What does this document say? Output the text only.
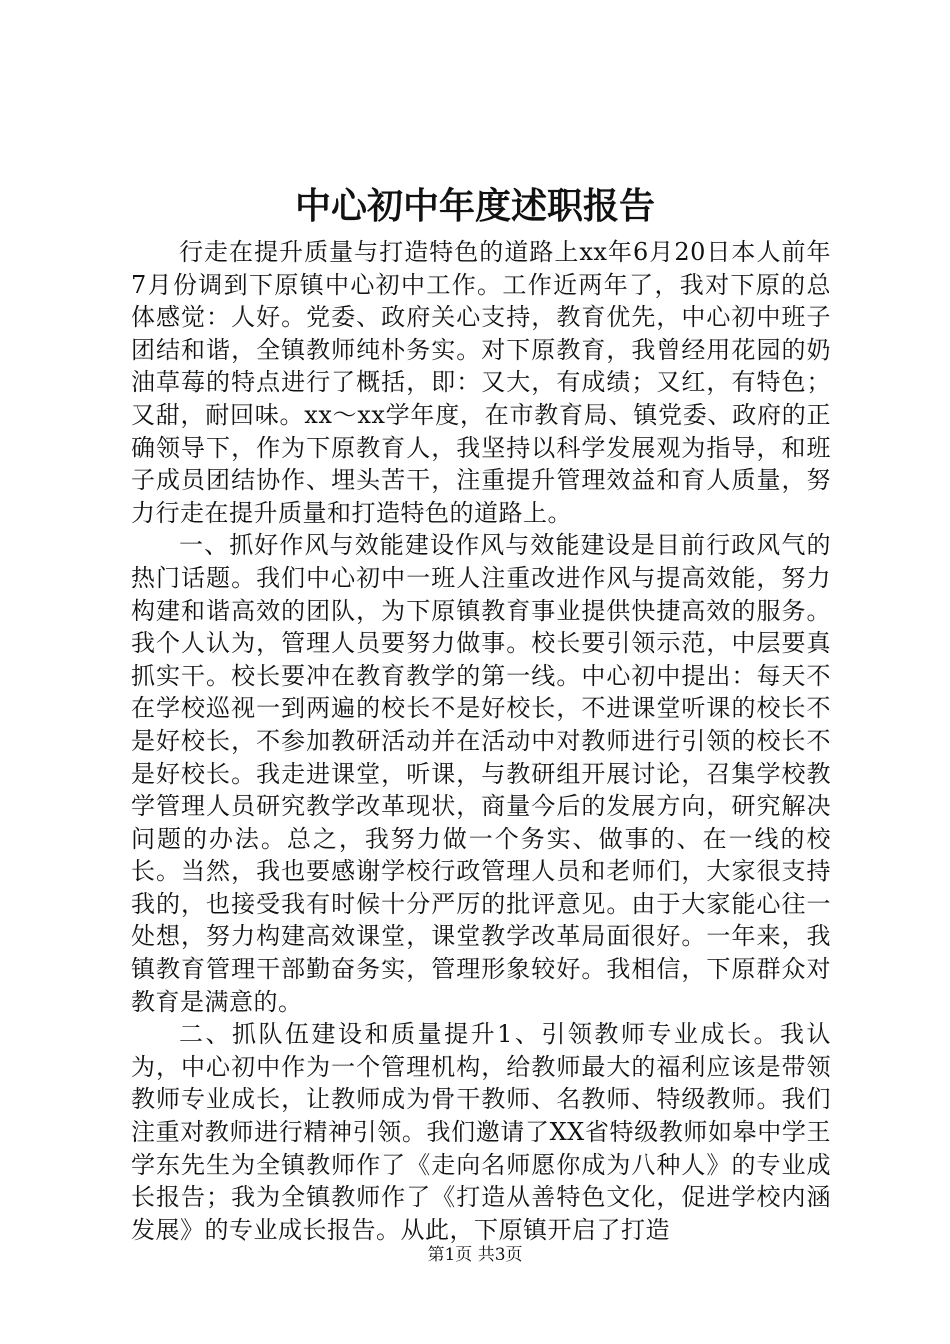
中心初中年度述职报告

行走在提升质量与打造特色的道路上xx年6月20日本人前年7月份调到下原镇中心初中工作。工作近两年了，我对下原的总体感觉：人好。党委、政府关心支持，教育优先，中心初中班子团结和谐，全镇教师纯朴务实。对下原教育，我曾经用花园的奶油草莓的特点进行了概括，即：又大，有成绩；又红，有特色；又甜，耐回味。xx～xx学年度，在市教育局、镇党委、政府的正确领导下，作为下原教育人，我坚持以科学发展观为指导，和班子成员团结协作、埋头苦干，注重提升管理效益和育人质量，努力行走在提升质量和打造特色的道路上。

一、抓好作风与效能建设作风与效能建设是目前行政风气的热门话题。我们中心初中一班人注重改进作风与提高效能，努力构建和谐高效的团队，为下原镇教育事业提供快捷高效的服务。我个人认为，管理人员要努力做事。校长要引领示范，中层要真抓实干。校长要冲在教育教学的第一线。中心初中提出：每天不在学校巡视一到两遍的校长不是好校长，不进课堂听课的校长不是好校长，不参加教研活动并在活动中对教师进行引领的校长不是好校长。我走进课堂，听课，与教研组开展讨论，召集学校教学管理人员研究教学改革现状，商量今后的发展方向，研究解决问题的办法。总之，我努力做一个务实、做事的、在一线的校长。当然，我也要感谢学校行政管理人员和老师们，大家很支持我的，也接受我有时候十分严厉的批评意见。由于大家能心往一处想，努力构建高效课堂，课堂教学改革局面很好。一年来，我镇教育管理干部勤奋务实，管理形象较好。我相信，下原群众对教育是满意的。

二、抓队伍建设和质量提升1、引领教师专业成长。我认为，中心初中作为一个管理机构，给教师最大的福利应该是带领教师专业成长，让教师成为骨干教师、名教师、特级教师。我们注重对教师进行精神引领。我们邀请了XX省特级教师如皋中学王学东先生为全镇教师作了《走向名师愿你成为八种人》的专业成长报告；我为全镇教师作了《打造从善特色文化，促进学校内涵发展》的专业成长报告。从此，下原镇开启了打造

第1页 共3页
